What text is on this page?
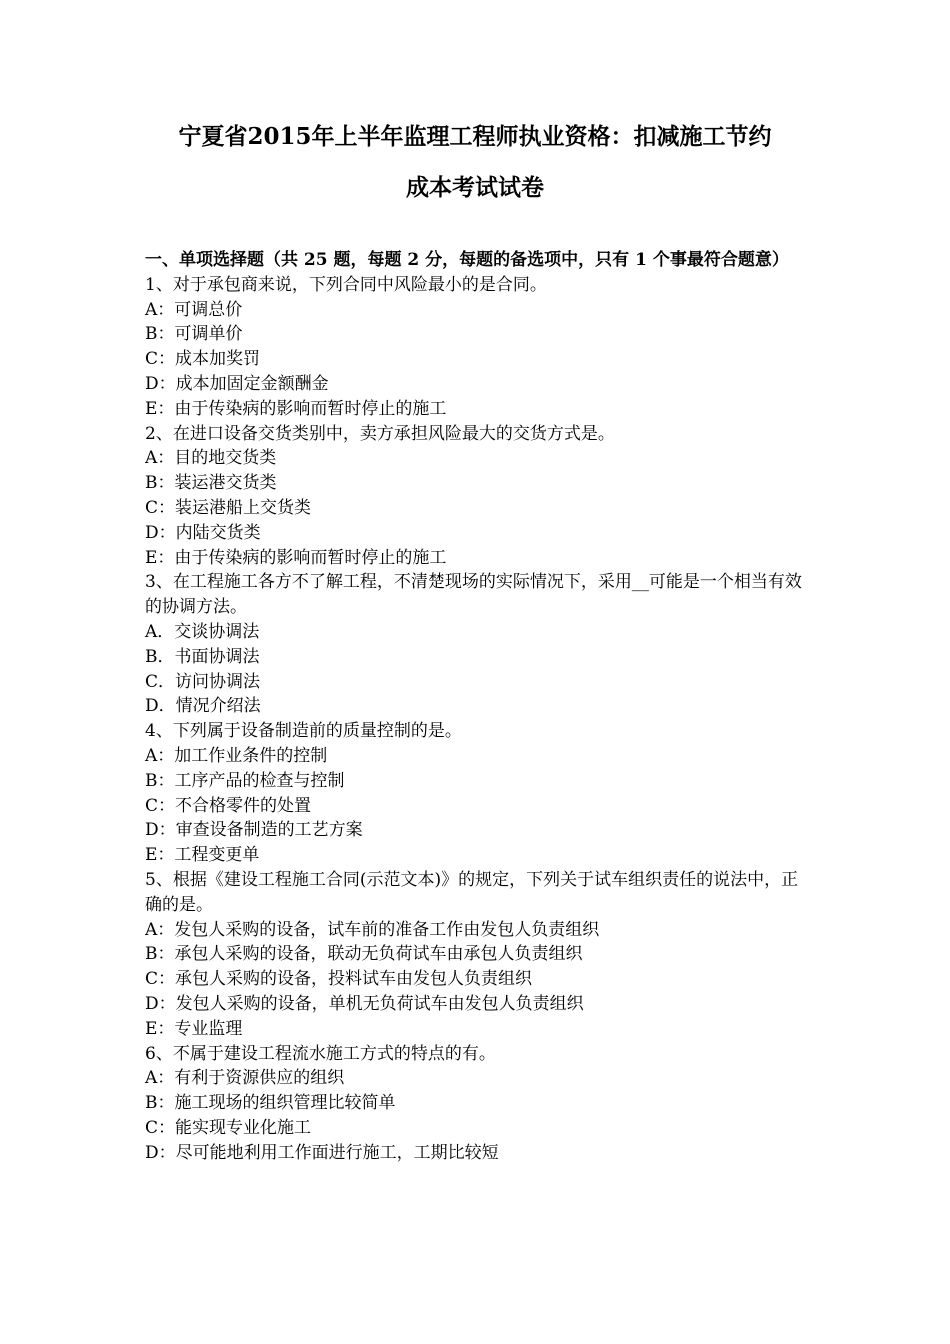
宁夏省2015年上半年监理工程师执业资格：扣减施工节约
成本考试试卷
一、单项选择题（共 25 题，每题 2 分，每题的备选项中，只有 1 个事最符合题意）
1、对于承包商来说，下列合同中风险最小的是合同。
A：可调总价
B：可调单价
C：成本加奖罚
D：成本加固定金额酬金
E：由于传染病的影响而暂时停止的施工
2、在进口设备交货类别中，卖方承担风险最大的交货方式是。
A：目的地交货类
B：装运港交货类
C：装运港船上交货类
D：内陆交货类
E：由于传染病的影响而暂时停止的施工
3、在工程施工各方不了解工程，不清楚现场的实际情况下，采用__可能是一个相当有效的协调方法。
A．交谈协调法
B．书面协调法
C．访问协调法
D．情况介绍法
4、下列属于设备制造前的质量控制的是。
A：加工作业条件的控制
B：工序产品的检查与控制
C：不合格零件的处置
D：审查设备制造的工艺方案
E：工程变更单
5、根据《建设工程施工合同(示范文本)》的规定，下列关于试车组织责任的说法中，正确的是。
A：发包人采购的设备，试车前的准备工作由发包人负责组织
B：承包人采购的设备，联动无负荷试车由承包人负责组织
C：承包人采购的设备，投料试车由发包人负责组织
D：发包人采购的设备，单机无负荷试车由发包人负责组织
E：专业监理
6、不属于建设工程流水施工方式的特点的有。
A：有利于资源供应的组织
B：施工现场的组织管理比较简单
C：能实现专业化施工
D：尽可能地利用工作面进行施工，工期比较短
